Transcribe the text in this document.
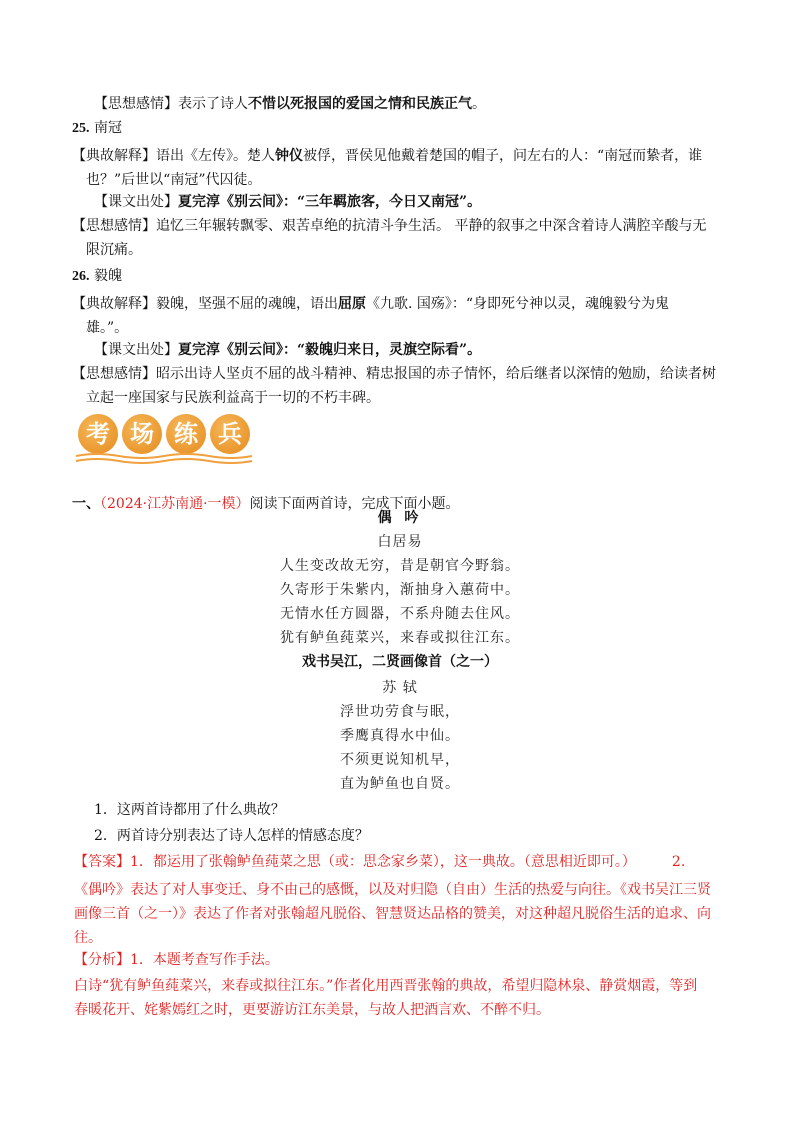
【思想感情】表示了诗人不惜以死报国的爱国之情和民族正气。
25. 南冠
【典故解释】语出《左传》。楚人钟仪被俘，晋侯见他戴着楚国的帽子，问左右的人：“南冠而絷者，谁
也？”后世以“南冠”代囚徒。
【课文出处】夏完淳《别云间》：“三年羁旅客，今日又南冠”。
【思想感情】追忆三年辗转飘零、艰苦卓绝的抗清斗争生活。 平静的叙事之中深含着诗人满腔辛酸与无
限沉痛。
26. 毅魄
【典故解释】毅魄，坚强不屈的魂魄，语出屈原《九歌. 国殇》：“身即死兮神以灵，魂魄毅兮为鬼
雄。”。
【课文出处】夏完淳《别云间》：“毅魄归来日，灵旗空际看”。
【思想感情】昭示出诗人坚贞不屈的战斗精神、精忠报国的赤子情怀，给后继者以深情的勉励，给读者树
立起一座国家与民族利益高于一切的不朽丰碑。
考 场 练 兵
一、（2024·江苏南通·一模）阅读下面两首诗，完成下面小题。
偶 吟
白居易
人生变改故无穷，昔是朝官今野翁。
久寄形于朱紫内，渐抽身入蕙荷中。
无情水任方圆器，不系舟随去住风。
犹有鲈鱼莼菜兴，来春或拟往江东。
戏书吴江，二贤画像首（之一）
苏 轼
浮世功劳食与眠，
季鹰真得水中仙。
不须更说知机早，
直为鲈鱼也自贤。
1．这两首诗都用了什么典故？
2．两首诗分别表达了诗人怎样的情感态度？
【答案】1．都运用了张翰鲈鱼莼菜之思（或：思念家乡菜），这一典故。（意思相近即可。）	2.
《偶吟》表达了对人事变迁、身不由己的感慨，以及对归隐（自由）生活的热爱与向往。《戏书吴江三贤
画像三首（之一）》表达了作者对张翰超凡脱俗、智慧贤达品格的赞美，对这种超凡脱俗生活的追求、向
往。
【分析】1．本题考查写作手法。
白诗“犹有鲈鱼莼菜兴，来春或拟往江东。”作者化用西晋张翰的典故，希望归隐林泉、静赏烟霞，等到
春暖花开、姹紫嫣红之时，更要游访江东美景，与故人把酒言欢、不醉不归。
